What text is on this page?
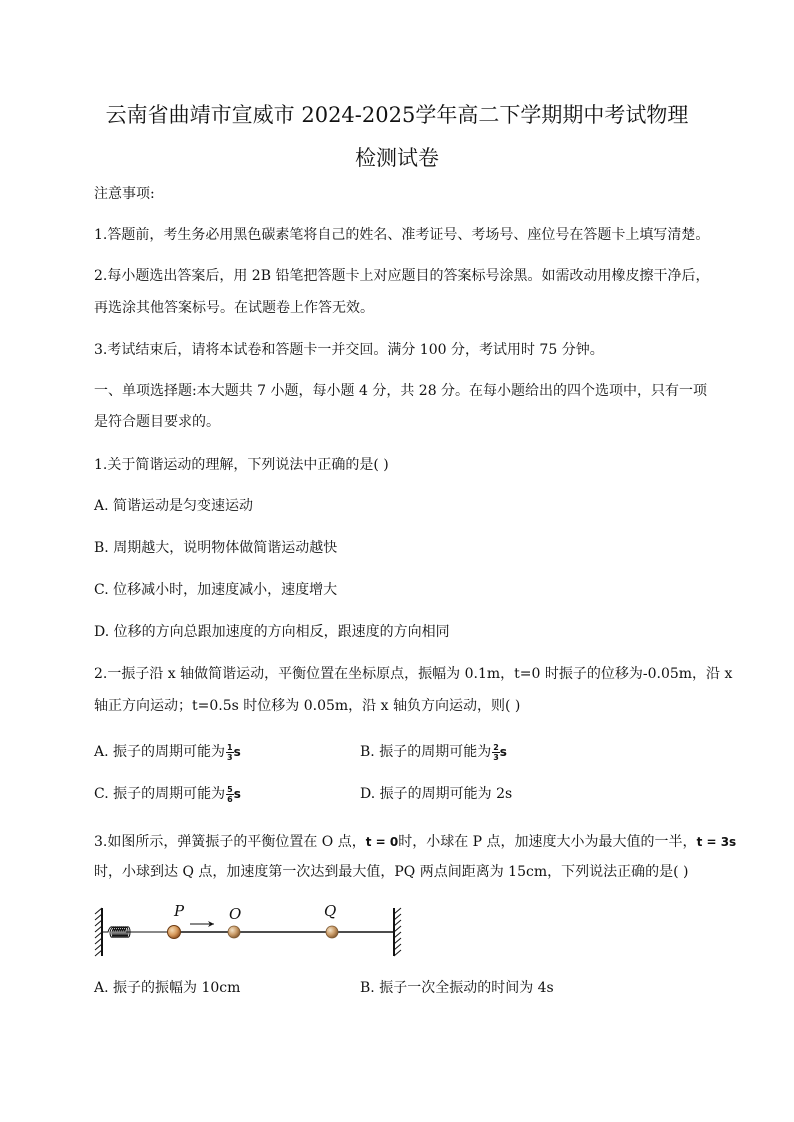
云南省曲靖市宣威市 2024-2025学年高二下学期期中考试物理
检测试卷
注意事项:
1.答题前，考生务必用黑色碳素笔将自己的姓名、准考证号、考场号、座位号在答题卡上填写清楚。
2.每小题选出答案后，用 2B 铅笔把答题卡上对应题目的答案标号涂黑。如需改动用橡皮擦干净后，
再选涂其他答案标号。在试题卷上作答无效。
3.考试结束后，请将本试卷和答题卡一并交回。满分 100 分，考试用时 75 分钟。
一、单项选择题:本大题共 7 小题，每小题 4 分，共 28 分。在每小题给出的四个选项中，只有一项
是符合题目要求的。
1.关于简谐运动的理解，下列说法中正确的是( )
A. 简谐运动是匀变速运动
B. 周期越大，说明物体做简谐运动越快
C. 位移减小时，加速度减小，速度增大
D. 位移的方向总跟加速度的方向相反，跟速度的方向相同
2.一振子沿 x 轴做简谐运动，平衡位置在坐标原点，振幅为 0.1m，t=0 时振子的位移为-0.05m，沿 x
轴正方向运动；t=0.5s 时位移为 0.05m，沿 x 轴负方向运动，则( )
A. 振子的周期可能为 $\frac{1}{3}$ s	B. 振子的周期可能为 $\frac{2}{3}$ s
C. 振子的周期可能为 $\frac{5}{6}$ s	D. 振子的周期可能为 2s
3.如图所示，弹簧振子的平衡位置在 O 点，t = 0时，小球在 P 点，加速度大小为最大值的一半，t = 3s
时，小球到达 Q 点，加速度第一次达到最大值，PQ 两点间距离为 15cm，下列说法正确的是( )
P	O	Q
A. 振子的振幅为 10cm	B. 振子一次全振动的时间为 4s
